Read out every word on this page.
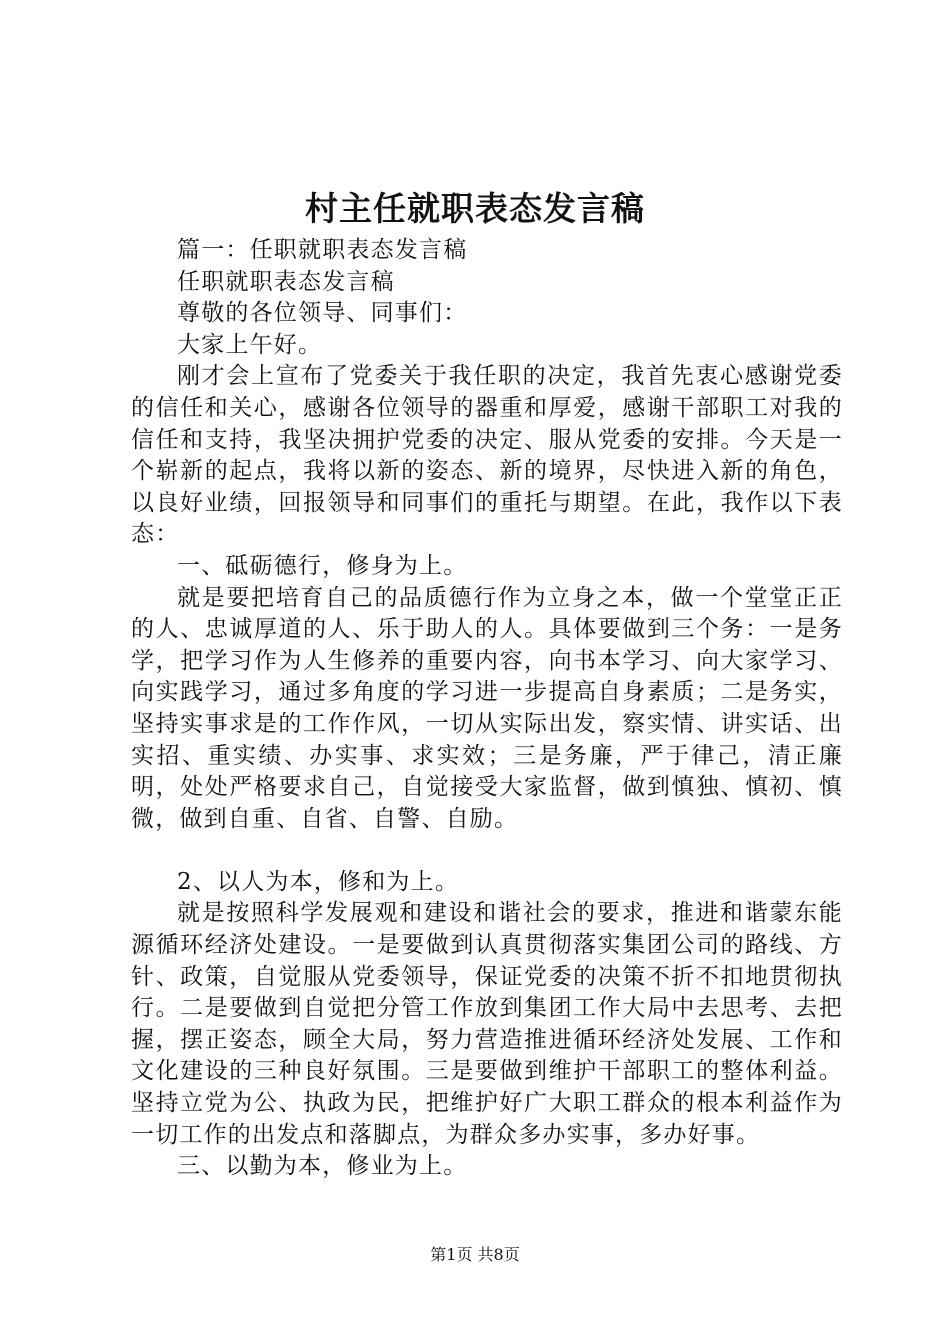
村主任就职表态发言稿

篇一：任职就职表态发言稿

任职就职表态发言稿

尊敬的各位领导、同事们：

大家上午好。

刚才会上宣布了党委关于我任职的决定，我首先衷心感谢党委的信任和关心，感谢各位领导的器重和厚爱，感谢干部职工对我的信任和支持，我坚决拥护党委的决定、服从党委的安排。今天是一个崭新的起点，我将以新的姿态、新的境界，尽快进入新的角色，以良好业绩，回报领导和同事们的重托与期望。在此，我作以下表态：

一、砥砺德行，修身为上。

就是要把培育自己的品质德行作为立身之本，做一个堂堂正正的人、忠诚厚道的人、乐于助人的人。具体要做到三个务：一是务学，把学习作为人生修养的重要内容，向书本学习、向大家学习、向实践学习，通过多角度的学习进一步提高自身素质；二是务实，坚持实事求是的工作作风，一切从实际出发，察实情、讲实话、出实招、重实绩、办实事、求实效；三是务廉，严于律己，清正廉明，处处严格要求自己，自觉接受大家监督，做到慎独、慎初、慎微，做到自重、自省、自警、自励。

2、以人为本，修和为上。

就是按照科学发展观和建设和谐社会的要求，推进和谐蒙东能源循环经济处建设。一是要做到认真贯彻落实集团公司的路线、方针、政策，自觉服从党委领导，保证党委的决策不折不扣地贯彻执行。二是要做到自觉把分管工作放到集团工作大局中去思考、去把握，摆正姿态，顾全大局，努力营造推进循环经济处发展、工作和文化建设的三种良好氛围。三是要做到维护干部职工的整体利益。坚持立党为公、执政为民，把维护好广大职工群众的根本利益作为一切工作的出发点和落脚点，为群众多办实事，多办好事。

三、以勤为本，修业为上。

第1页 共8页
